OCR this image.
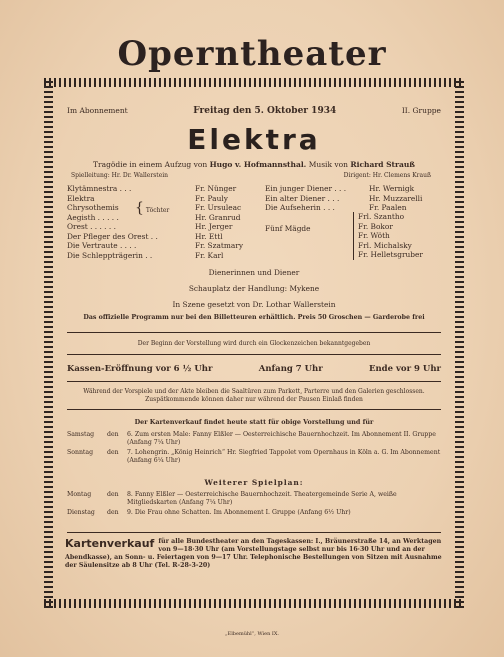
Operntheater
Im Abonnement	Freitag den 5. Oktober 1934	II. Gruppe
Elektra
Tragödie in einem Aufzug von Hugo v. Hofmannsthal. Musik von Richard Strauß
Spielleitung: Hr. Dr. Wallerstein	Dirigent: Hr. Clemens Krauß
Klytämnestra . . .	Fr. Nünger
Elektra	Fr. Pauly
Chrysothemis	Fr. Ursuleac
Aegisth . . . . .	Hr. Granrud
Orest . . . . . .	Hr. Jerger
Der Pfleger des Orest . .	Hr. Ettl
Die Vertraute . . . .	Fr. Szatmary
Die Schleppträgerin . .	Fr. Karl
{ Töchter
Ein junger Diener . . .	Hr. Wernigk
Ein alter Diener . . .	Hr. Muzzarelli
Die Aufseherin . . .	Fr. Paalen
Fünf Mägde
Frl. Szantho
Fr. Bokor
Fr. Wöth
Frl. Michalsky
Fr. Helletsgruber
Dienerinnen und Diener
Schauplatz der Handlung: Mykene
In Szene gesetzt von Dr. Lothar Wallerstein
Das offizielle Programm nur bei den Billetteuren erhältlich. Preis 50 Groschen — Garderobe frei
Der Beginn der Vorstellung wird durch ein Glockenzeichen bekanntgegeben
Kassen-Eröffnung vor 6 ½ Uhr	Anfang 7 Uhr	Ende vor 9 Uhr
Während der Vorspiele und der Akte bleiben die Saaltüren zum Parkett, Parterre und den Galerien geschlossen. Zuspätkommende können daher nur während der Pausen Einlaß finden
Der Kartenverkauf findet heute statt für obige Vorstellung und für
Samstag	den	6. Zum ersten Male: Fanny Elßler — Oesterreichische Bauernhochzeit. Im Abonnement II. Gruppe (Anfang 7¼ Uhr)
Sonntag	den	7. Lohengrin. „König Heinrich“ Hr. Siegfried Tappolet vom Opernhaus in Köln a. G. Im Abonnement (Anfang 6¼ Uhr)
Weiterer Spielplan:
Montag	den	8. Fanny Elßler — Oesterreichische Bauernhochzeit. Theatergemeinde Serie A, weiße Mitgliedskarten (Anfang 7¼ Uhr)
Dienstag	den	9. Die Frau ohne Schatten. Im Abonnement I. Gruppe (Anfang 6½ Uhr)
Kartenverkauf für alle Bundestheater an den Tageskassen: I., Bräunerstraße 14, an Werktagen von 9—18·30 Uhr (am Vorstellungstage selbst nur bis 16·30 Uhr und an der Abendkasse), an Sonn- u. Feiertagen von 9—17 Uhr. Telephonische Bestellungen von Sitzen mit Ausnahme der Säulensitze ab 8 Uhr (Tel. R-28-3-20)
„Elbemühl“, Wien IX.
